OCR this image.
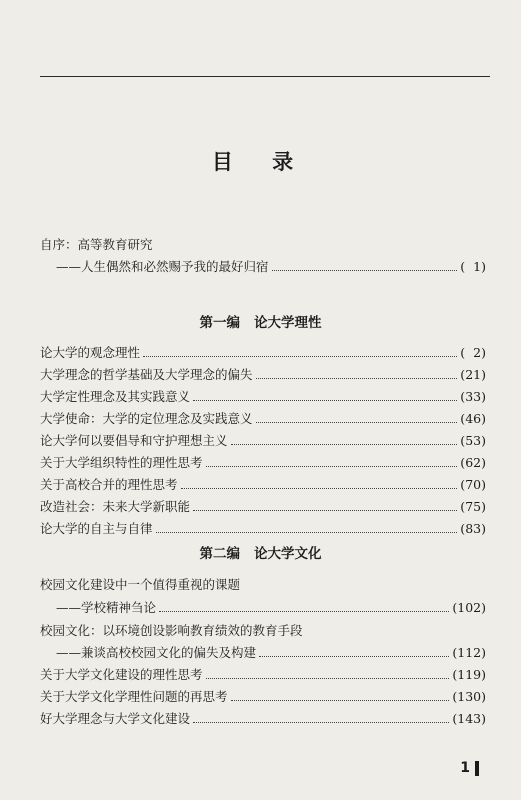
目 录
自序：高等教育研究
——人生偶然和必然赐予我的最好归宿	( 1)
第一编 论大学理性
论大学的观念理性	( 2)
大学理念的哲学基础及大学理念的偏失	(21)
大学定性理念及其实践意义	(33)
大学使命：大学的定位理念及实践意义	(46)
论大学何以要倡导和守护理想主义	(53)
关于大学组织特性的理性思考	(62)
关于高校合并的理性思考	(70)
改造社会：未来大学新职能	(75)
论大学的自主与自律	(83)
第二编 论大学文化
校园文化建设中一个值得重视的课题
——学校精神刍论	(102)
校园文化：以环境创设影响教育绩效的教育手段
——兼谈高校校园文化的偏失及构建	(112)
关于大学文化建设的理性思考	(119)
关于大学文化学理性问题的再思考	(130)
好大学理念与大学文化建设	(143)
1
